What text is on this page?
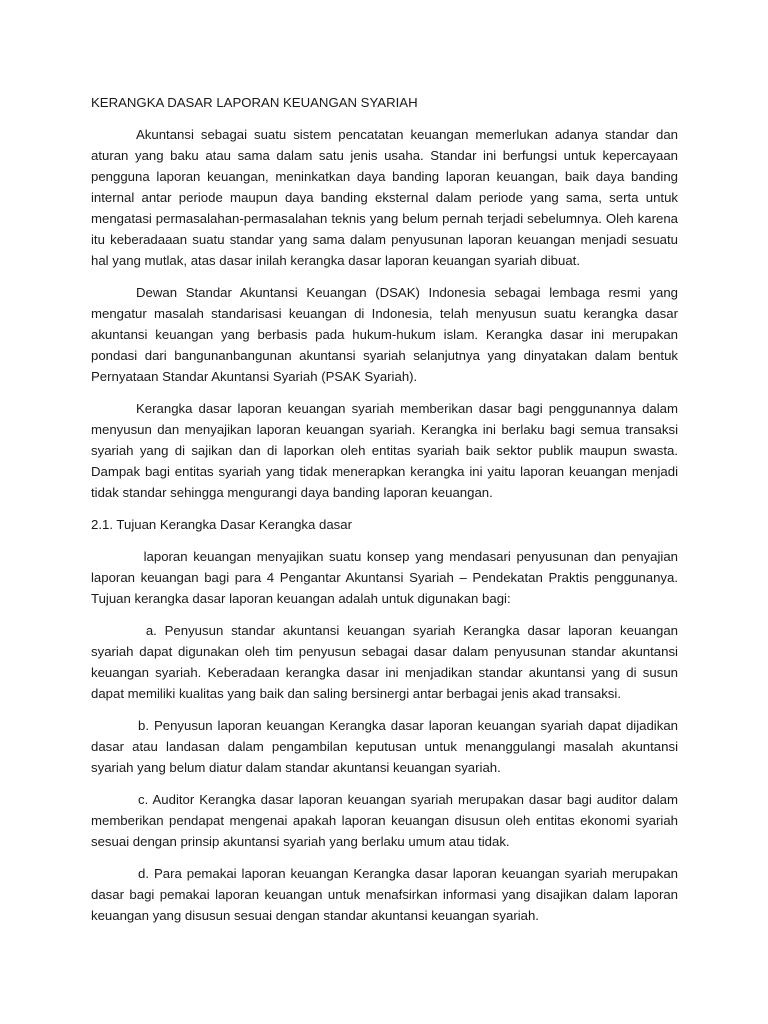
KERANGKA DASAR LAPORAN KEUANGAN SYARIAH

Akuntansi sebagai suatu sistem pencatatan keuangan memerlukan adanya standar dan aturan yang baku atau sama dalam satu jenis usaha. Standar ini berfungsi untuk kepercayaan pengguna laporan keuangan, meninkatkan daya banding laporan keuangan, baik daya banding internal antar periode maupun daya banding eksternal dalam periode yang sama, serta untuk mengatasi permasalahan-permasalahan teknis yang belum pernah terjadi sebelumnya. Oleh karena itu keberadaaan suatu standar yang sama dalam penyusunan laporan keuangan menjadi sesuatu hal yang mutlak, atas dasar inilah kerangka dasar laporan keuangan syariah dibuat.

Dewan Standar Akuntansi Keuangan (DSAK) Indonesia sebagai lembaga resmi yang mengatur masalah standarisasi keuangan di Indonesia, telah menyusun suatu kerangka dasar akuntansi keuangan yang berbasis pada hukum-hukum islam. Kerangka dasar ini merupakan pondasi dari bangunanbangunan akuntansi syariah selanjutnya yang dinyatakan dalam bentuk Pernyataan Standar Akuntansi Syariah (PSAK Syariah).

Kerangka dasar laporan keuangan syariah memberikan dasar bagi penggunannya dalam menyusun dan menyajikan laporan keuangan syariah. Kerangka ini berlaku bagi semua transaksi syariah yang di sajikan dan di laporkan oleh entitas syariah baik sektor publik maupun swasta. Dampak bagi entitas syariah yang tidak menerapkan kerangka ini yaitu laporan keuangan menjadi tidak standar sehingga mengurangi daya banding laporan keuangan.

2.1. Tujuan Kerangka Dasar Kerangka dasar

laporan keuangan menyajikan suatu konsep yang mendasari penyusunan dan penyajian laporan keuangan bagi para 4 Pengantar Akuntansi Syariah – Pendekatan Praktis penggunanya. Tujuan kerangka dasar laporan keuangan adalah untuk digunakan bagi:

a. Penyusun standar akuntansi keuangan syariah Kerangka dasar laporan keuangan syariah dapat digunakan oleh tim penyusun sebagai dasar dalam penyusunan standar akuntansi keuangan syariah. Keberadaan kerangka dasar ini menjadikan standar akuntansi yang di susun dapat memiliki kualitas yang baik dan saling bersinergi antar berbagai jenis akad transaksi.

b. Penyusun laporan keuangan Kerangka dasar laporan keuangan syariah dapat dijadikan dasar atau landasan dalam pengambilan keputusan untuk menanggulangi masalah akuntansi syariah yang belum diatur dalam standar akuntansi keuangan syariah.

c. Auditor Kerangka dasar laporan keuangan syariah merupakan dasar bagi auditor dalam memberikan pendapat mengenai apakah laporan keuangan disusun oleh entitas ekonomi syariah sesuai dengan prinsip akuntansi syariah yang berlaku umum atau tidak.

d. Para pemakai laporan keuangan Kerangka dasar laporan keuangan syariah merupakan dasar bagi pemakai laporan keuangan untuk menafsirkan informasi yang disajikan dalam laporan keuangan yang disusun sesuai dengan standar akuntansi keuangan syariah.
